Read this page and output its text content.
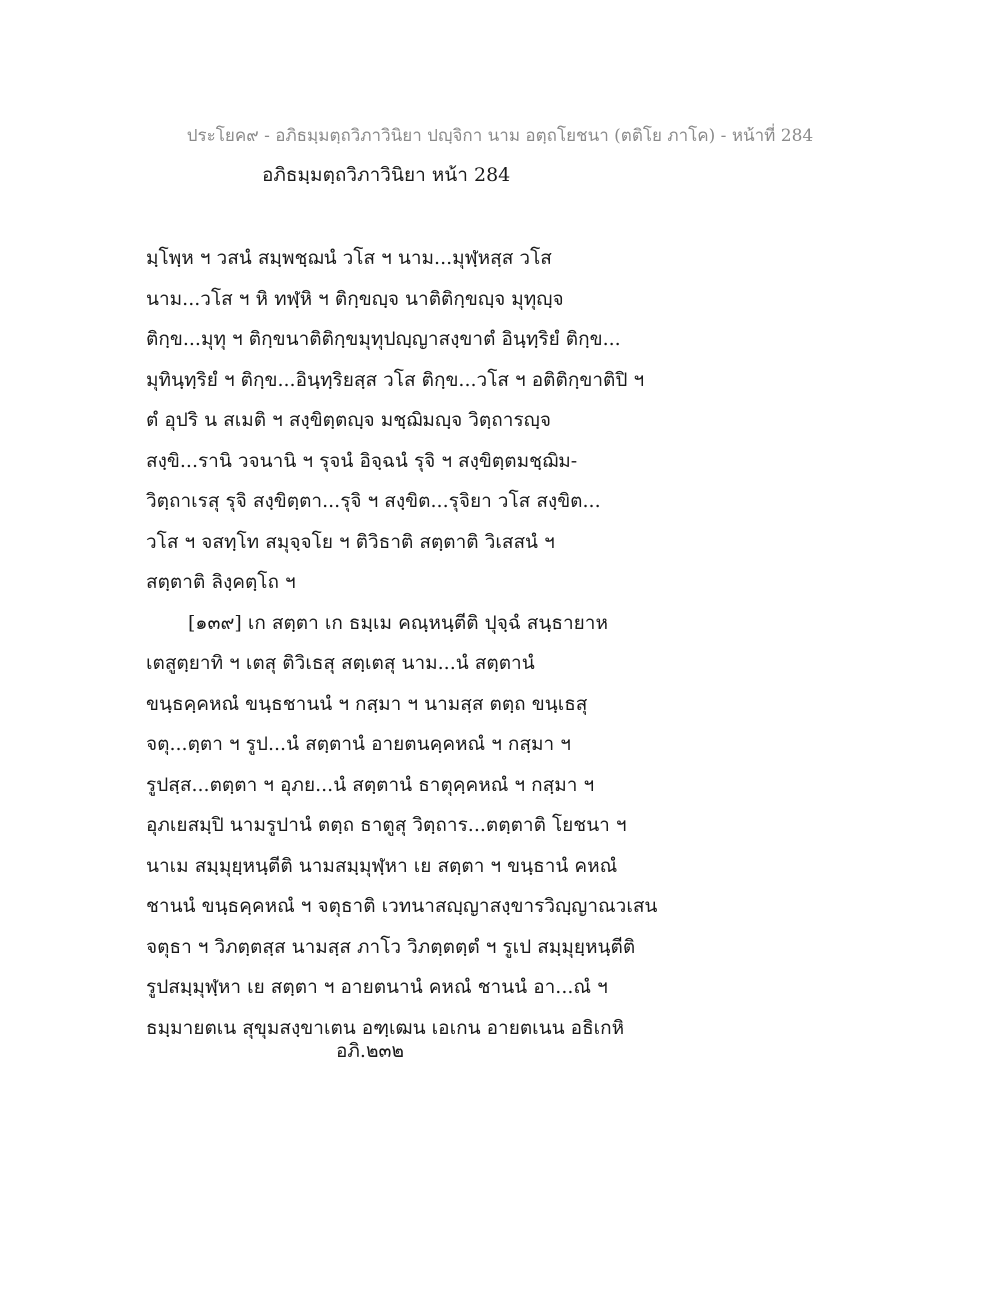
ประโยค๙ - อภิธมฺมตฺถวิภาวินิยา ปญฺจิกา นาม อตฺถโยชนา (ตติโย ภาโค) - หน้าที่ 284
อภิธมฺมตฺถวิภาวินิยา หน้า 284
มฺโพฺห ฯ วสนํ สมฺพชฺฌนํ วโส ฯ นาม...มุฬฺหสฺส วโส
นาม...วโส ฯ หิ ทฬฺหิ ฯ ติกฺขญฺจ นาติติกฺขญฺจ มุทุญฺจ
ติกฺข...มุทุ ฯ ติกฺขนาติติกฺขมุทุปญฺญาสงฺขาตํ อินฺทฺริยํ ติกฺข...
มุทินฺทฺริยํ ฯ ติกฺข...อินฺทฺริยสฺส วโส ติกฺข...วโส ฯ อติติกฺขาติปิ ฯ
ตํ อุปริ น สเมติ ฯ สงฺขิตฺตญฺจ มชฺฌิมญฺจ วิตฺถารญฺจ
สงฺขิ...รานิ วจนานิ ฯ รุจนํ อิจฺฉนํ รุจิ ฯ สงฺขิตฺตมชฺฌิม-
วิตฺถาเรสุ รุจิ สงฺขิตฺตา...รุจิ ฯ สงฺขิต...รุจิยา วโส สงฺขิต...
วโส ฯ จสทฺโท สมุจฺจโย ฯ ติวิธาติ สตฺตาติ วิเสสนํ ฯ
สตฺตาติ ลิงฺคตฺโถ ฯ
[๑๓๙] เก สตฺตา เก ธมฺเม คณฺหนฺตีติ ปุจฺฉํ สนฺธายาห
เตสูตฺยาทิ ฯ เตสุ ติวิเธสุ สตฺเตสุ นาม...นํ สตฺตานํ
ขนฺธคฺคหณํ ขนฺธชานนํ ฯ กสฺมา ฯ นามสฺส ตตฺถ ขนฺเธสุ
จตุ...ตฺตา ฯ รูป...นํ สตฺตานํ อายตนคฺคหณํ ฯ กสฺมา ฯ
รูปสฺส...ตตฺตา ฯ อุภย...นํ สตฺตานํ ธาตุคฺคหณํ ฯ กสฺมา ฯ
อุภเยสมฺปิ นามรูปานํ ตตฺถ ธาตูสุ วิตฺถาร...ตตฺตาติ โยชนา ฯ
นาเม สมฺมุยฺหนฺตีติ นามสมฺมุฬฺหา เย สตฺตา ฯ ขนฺธานํ คหณํ
ชานนํ ขนฺธคฺคหณํ ฯ จตุธาติ เวทนาสญฺญาสงฺขารวิญฺญาณวเสน
จตุธา ฯ วิภตฺตสฺส นามสฺส ภาโว วิภตฺตตฺตํ ฯ รูเป สมฺมุยฺหนฺตีติ
รูปสมฺมุฬฺหา เย สตฺตา ฯ อายตนานํ คหณํ ชานนํ อา...ณํ ฯ
ธมฺมายตเน สุขุมสงฺขาเตน อฑฺเฒน เอเกน อายตเนน อธิเกหิ
อภิ.๒๓๒
